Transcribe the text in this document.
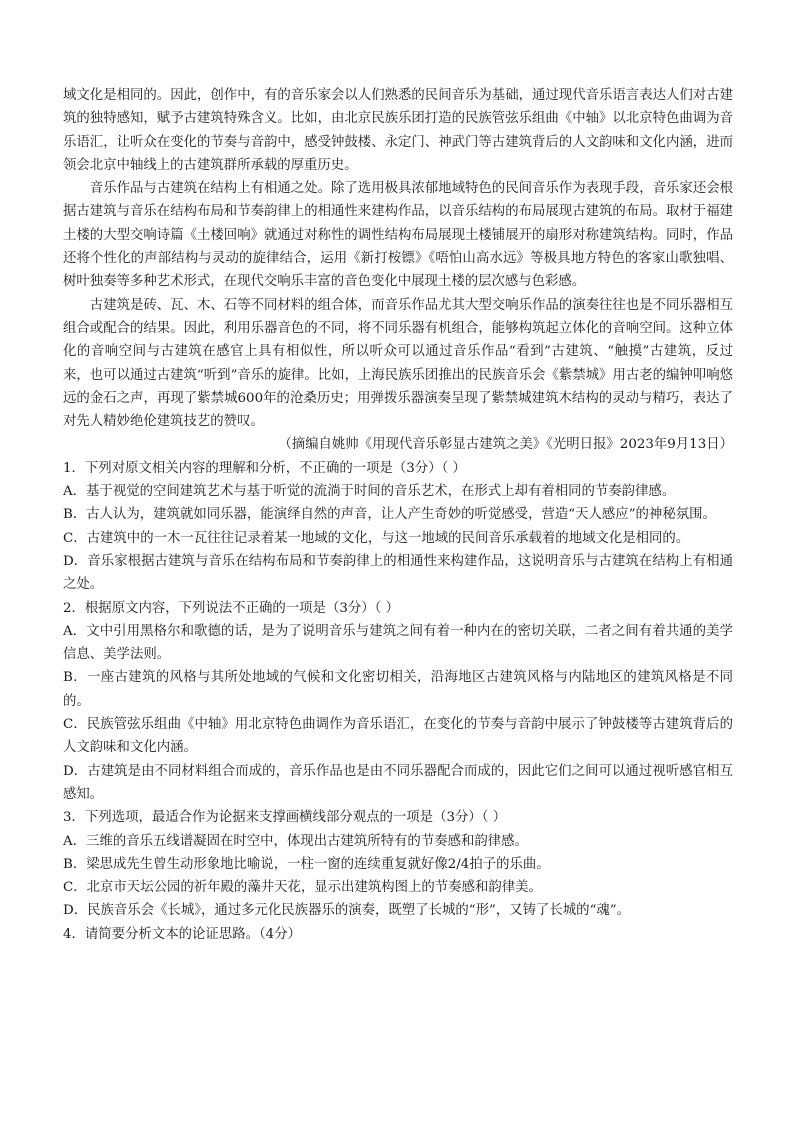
域文化是相同的。因此，创作中，有的音乐家会以人们熟悉的民间音乐为基础，通过现代音乐语言表达人们对古建筑的独特感知，赋予古建筑特殊含义。比如，由北京民族乐团打造的民族管弦乐组曲《中轴》以北京特色曲调为音乐语汇，让听众在变化的节奏与音韵中，感受钟鼓楼、永定门、神武门等古建筑背后的人文韵味和文化内涵，进而领会北京中轴线上的古建筑群所承载的厚重历史。

音乐作品与古建筑在结构上有相通之处。除了选用极具浓郁地域特色的民间音乐作为表现手段，音乐家还会根据古建筑与音乐在结构布局和节奏韵律上的相通性来建构作品，以音乐结构的布局展现古建筑的布局。取材于福建土楼的大型交响诗篇《土楼回响》就通过对称性的调性结构布局展现土楼铺展开的扇形对称建筑结构。同时，作品还将个性化的声部结构与灵动的旋律结合，运用《新打桉镖》《唔怕山高水远》等极具地方特色的客家山歌独唱、树叶独奏等多种艺术形式，在现代交响乐丰富的音色变化中展现土楼的层次感与色彩感。

古建筑是砖、瓦、木、石等不同材料的组合体，而音乐作品尤其大型交响乐作品的演奏往往也是不同乐器相互组合或配合的结果。因此，利用乐器音色的不同，将不同乐器有机组合，能够构筑起立体化的音响空间。这种立体化的音响空间与古建筑在感官上具有相似性，所以听众可以通过音乐作品“看到”古建筑、“触摸”古建筑，反过来，也可以通过古建筑“听到”音乐的旋律。比如，上海民族乐团推出的民族音乐会《紫禁城》用古老的编钟叩响悠远的金石之声，再现了紫禁城600年的沧桑历史；用弹拨乐器演奏呈现了紫禁城建筑木结构的灵动与精巧，表达了对先人精妙绝伦建筑技艺的赞叹。

（摘编自姚帅《用现代音乐彰显古建筑之美》《光明日报》2023年9月13日）

1．下列对原文相关内容的理解和分析，不正确的一项是（3分）（ ）

A．基于视觉的空间建筑艺术与基于听觉的流淌于时间的音乐艺术，在形式上却有着相同的节奏韵律感。

B．古人认为，建筑就如同乐器，能演绎自然的声音，让人产生奇妙的听觉感受，营造“天人感应”的神秘氛围。

C．古建筑中的一木一瓦往往记录着某一地域的文化，与这一地域的民间音乐承载着的地域文化是相同的。

D．音乐家根据古建筑与音乐在结构布局和节奏韵律上的相通性来构建作品，这说明音乐与古建筑在结构上有相通之处。

2．根据原文内容，下列说法不正确的一项是（3分）（ ）

A．文中引用黑格尔和歌德的话，是为了说明音乐与建筑之间有着一种内在的密切关联，二者之间有着共通的美学信息、美学法则。

B．一座古建筑的风格与其所处地域的气候和文化密切相关，沿海地区古建筑风格与内陆地区的建筑风格是不同的。

C．民族管弦乐组曲《中轴》用北京特色曲调作为音乐语汇，在变化的节奏与音韵中展示了钟鼓楼等古建筑背后的人文韵味和文化内涵。

D．古建筑是由不同材料组合而成的，音乐作品也是由不同乐器配合而成的，因此它们之间可以通过视听感官相互感知。

3．下列选项，最适合作为论据来支撑画横线部分观点的一项是（3分）（ ）

A．三维的音乐五线谱凝固在时空中，体现出古建筑所特有的节奏感和韵律感。

B．梁思成先生曾生动形象地比喻说，一柱一窗的连续重复就好像2/4拍子的乐曲。

C．北京市天坛公园的祈年殿的藻井天花，显示出建筑构图上的节奏感和韵律美。

D．民族音乐会《长城》，通过多元化民族器乐的演奏，既塑了长城的“形”，又铸了长城的“魂”。

4．请简要分析文本的论证思路。（4分）
